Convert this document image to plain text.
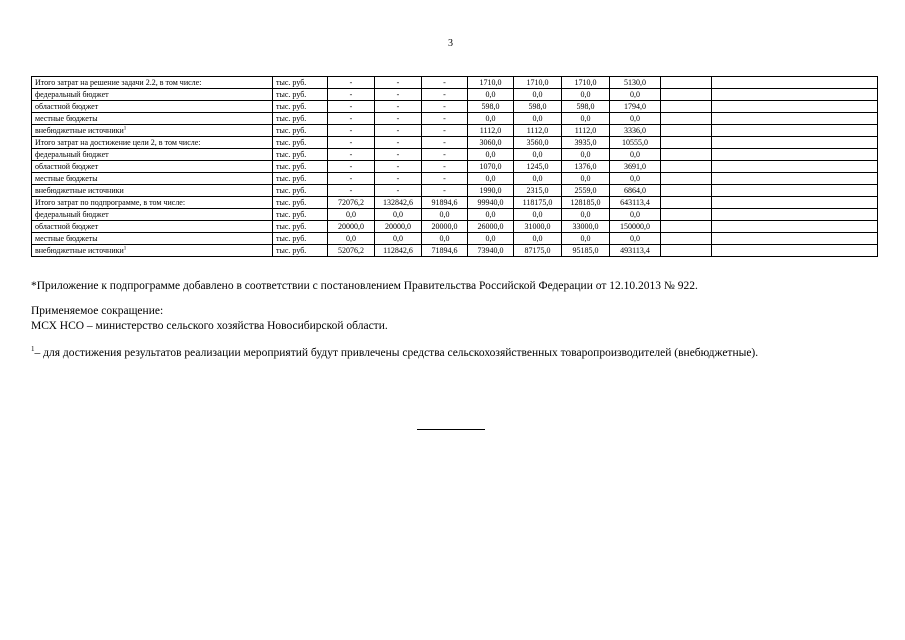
3
Итого затрат на решение задачи 2.2, в том числе:	тыс. руб.	-	-	-	1710,0	1710,0	1710,0	5130,0		
федеральный бюджет	тыс. руб.	-	-	-	0,0	0,0	0,0	0,0		
областной бюджет	тыс. руб.	-	-	-	598,0	598,0	598,0	1794,0		
местные бюджеты	тыс. руб.	-	-	-	0,0	0,0	0,0	0,0		
внебюджетные источники$^1$	тыс. руб.	-	-	-	1112,0	1112,0	1112,0	3336,0		
Итого затрат на достижение цели 2, в том числе:	тыс. руб.	-	-	-	3060,0	3560,0	3935,0	10555,0		
федеральный бюджет	тыс. руб.	-	-	-	0,0	0,0	0,0	0,0		
областной бюджет	тыс. руб.	-	-	-	1070,0	1245,0	1376,0	3691,0		
местные бюджеты	тыс. руб.	-	-	-	0,0	0,0	0,0	0,0		
внебюджетные источники	тыс. руб.	-	-	-	1990,0	2315,0	2559,0	6864,0		
Итого затрат по подпрограмме, в том числе:	тыс. руб.	72076,2	132842,6	91894,6	99940,0	118175,0	128185,0	643113,4		
федеральный бюджет	тыс. руб.	0,0	0,0	0,0	0,0	0,0	0,0	0,0		
областной бюджет	тыс. руб.	20000,0	20000,0	20000,0	26000,0	31000,0	33000,0	150000,0		
местные бюджеты	тыс. руб.	0,0	0,0	0,0	0,0	0,0	0,0	0,0		
внебюджетные источники$^1$	тыс. руб.	52076,2	112842,6	71894,6	73940,0	87175,0	95185,0	493113,4		
*Приложение к подпрограмме добавлено в соответствии с постановлением Правительства Российской Федерации от 12.10.2013 № 922.
Применяемое сокращение:
МСХ НСО – министерство сельского хозяйства Новосибирской области.
$^1$– для достижения результатов реализации мероприятий будут привлечены средства сельскохозяйственных товаропроизводителей (внебюджетные).
